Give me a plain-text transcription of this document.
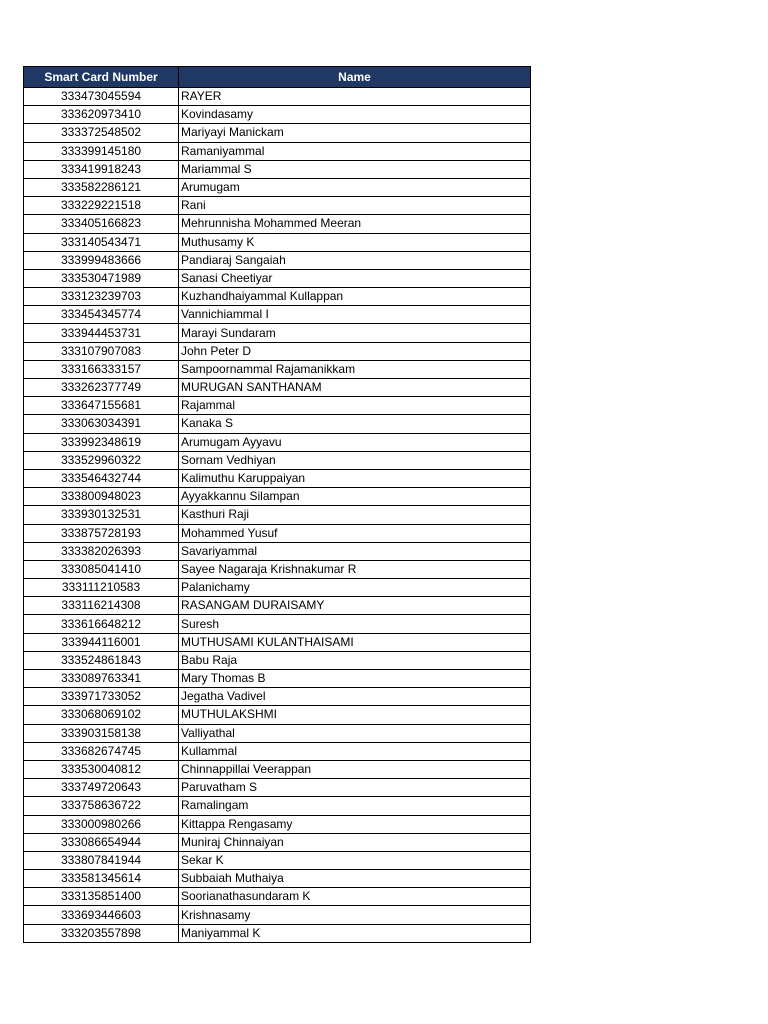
Smart Card Number	Name
333473045594	RAYER
333620973410	Kovindasamy
333372548502	Mariyayi Manickam
333399145180	Ramaniyammal
333419918243	Mariammal S
333582286121	Arumugam
333229221518	Rani
333405166823	Mehrunnisha Mohammed Meeran
333140543471	Muthusamy K
333999483666	Pandiaraj Sangaiah
333530471989	Sanasi Cheetiyar
333123239703	Kuzhandhaiyammal Kullappan
333454345774	Vannichiammal I
333944453731	Marayi Sundaram
333107907083	John Peter D
333166333157	Sampoornammal Rajamanikkam
333262377749	MURUGAN SANTHANAM
333647155681	Rajammal
333063034391	Kanaka S
333992348619	Arumugam Ayyavu
333529960322	Sornam Vedhiyan
333546432744	Kalimuthu Karuppaiyan
333800948023	Ayyakkannu Silampan
333930132531	Kasthuri Raji
333875728193	Mohammed Yusuf
333382026393	Savariyammal
333085041410	Sayee Nagaraja Krishnakumar R
333111210583	Palanichamy
333116214308	RASANGAM DURAISAMY
333616648212	Suresh
333944116001	MUTHUSAMI KULANTHAISAMI
333524861843	Babu Raja
333089763341	Mary Thomas B
333971733052	Jegatha Vadivel
333068069102	MUTHULAKSHMI
333903158138	Valliyathal
333682674745	Kullammal
333530040812	Chinnappillai Veerappan
333749720643	Paruvatham S
333758636722	Ramalingam
333000980266	Kittappa Rengasamy
333086654944	Muniraj Chinnaiyan
333807841944	Sekar K
333581345614	Subbaiah Muthaiya
333135851400	Soorianathasundaram K
333693446603	Krishnasamy
333203557898	Maniyammal K
